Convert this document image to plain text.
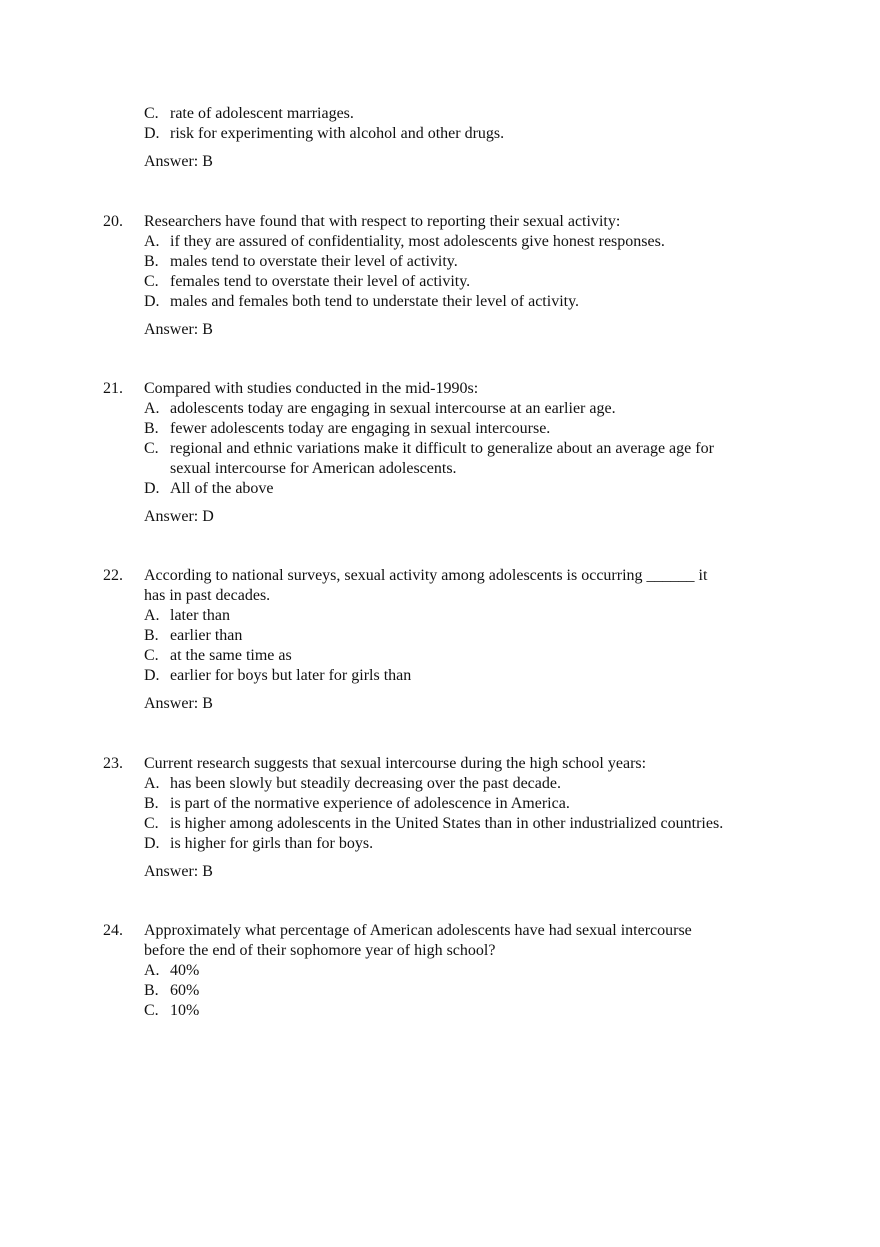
C. rate of adolescent marriages.
D. risk for experimenting with alcohol and other drugs.
Answer: B
20. Researchers have found that with respect to reporting their sexual activity:
A. if they are assured of confidentiality, most adolescents give honest responses.
B. males tend to overstate their level of activity.
C. females tend to overstate their level of activity.
D. males and females both tend to understate their level of activity.
Answer: B
21. Compared with studies conducted in the mid-1990s:
A. adolescents today are engaging in sexual intercourse at an earlier age.
B. fewer adolescents today are engaging in sexual intercourse.
C. regional and ethnic variations make it difficult to generalize about an average age for
sexual intercourse for American adolescents.
D. All of the above
Answer: D
22. According to national surveys, sexual activity among adolescents is occurring ______ it
has in past decades.
A. later than
B. earlier than
C. at the same time as
D. earlier for boys but later for girls than
Answer: B
23. Current research suggests that sexual intercourse during the high school years:
A. has been slowly but steadily decreasing over the past decade.
B. is part of the normative experience of adolescence in America.
C. is higher among adolescents in the United States than in other industrialized countries.
D. is higher for girls than for boys.
Answer: B
24. Approximately what percentage of American adolescents have had sexual intercourse
before the end of their sophomore year of high school?
A. 40%
B. 60%
C. 10%
